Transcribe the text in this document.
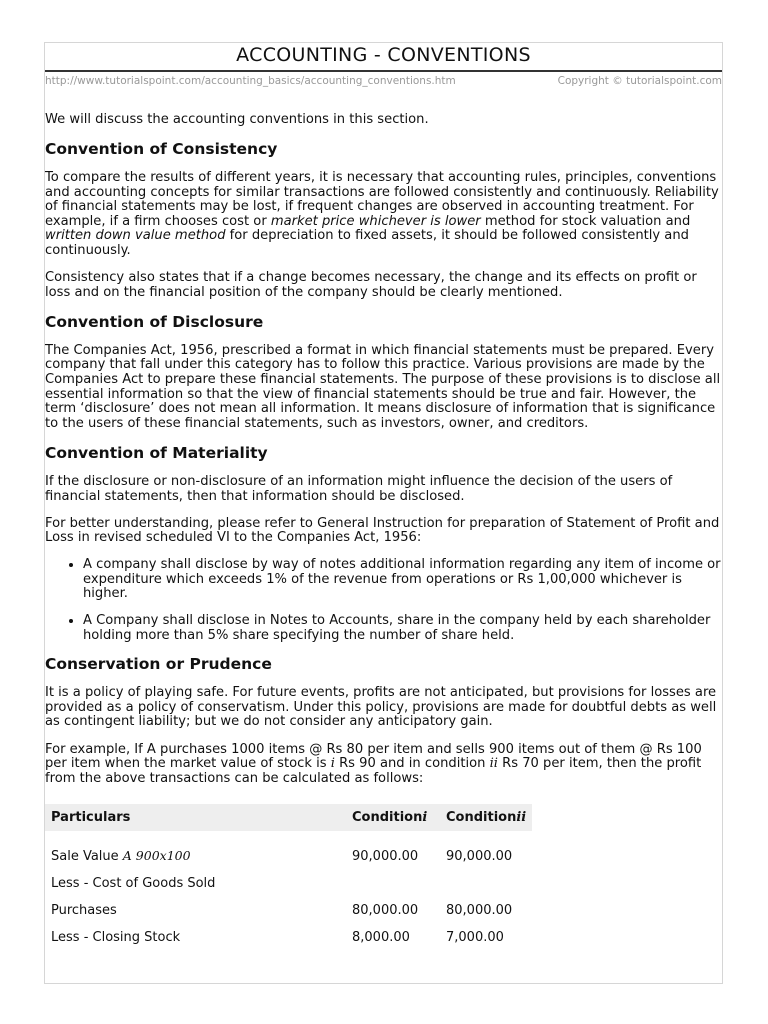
ACCOUNTING - CONVENTIONS
http://www.tutorialspoint.com/accounting_basics/accounting_conventions.htm	Copyright © tutorialspoint.com

We will discuss the accounting conventions in this section.

Convention of Consistency

To compare the results of different years, it is necessary that accounting rules, principles, conventions and accounting concepts for similar transactions are followed consistently and continuously. Reliability of financial statements may be lost, if frequent changes are observed in accounting treatment. For example, if a firm chooses cost or market price whichever is lower method for stock valuation and written down value method for depreciation to fixed assets, it should be followed consistently and continuously.

Consistency also states that if a change becomes necessary, the change and its effects on profit or loss and on the financial position of the company should be clearly mentioned.

Convention of Disclosure

The Companies Act, 1956, prescribed a format in which financial statements must be prepared. Every company that fall under this category has to follow this practice. Various provisions are made by the Companies Act to prepare these financial statements. The purpose of these provisions is to disclose all essential information so that the view of financial statements should be true and fair. However, the term ‘disclosure’ does not mean all information. It means disclosure of information that is significance to the users of these financial statements, such as investors, owner, and creditors.

Convention of Materiality

If the disclosure or non-disclosure of an information might influence the decision of the users of financial statements, then that information should be disclosed.

For better understanding, please refer to General Instruction for preparation of Statement of Profit and Loss in revised scheduled VI to the Companies Act, 1956:

• A company shall disclose by way of notes additional information regarding any item of income or expenditure which exceeds 1% of the revenue from operations or Rs 1,00,000 whichever is higher.
• A Company shall disclose in Notes to Accounts, share in the company held by each shareholder holding more than 5% share specifying the number of share held.
Conservation or Prudence

It is a policy of playing safe. For future events, profits are not anticipated, but provisions for losses are provided as a policy of conservatism. Under this policy, provisions are made for doubtful debts as well as contingent liability; but we do not consider any anticipatory gain.

For example, If A purchases 1000 items @ Rs 80 per item and sells 900 items out of them @ Rs 100 per item when the market value of stock is i Rs 90 and in condition ii Rs 70 per item, then the profit from the above transactions can be calculated as follows:

Particulars	Conditioni	Conditionii

Sale Value A 900x100	90,000.00	90,000.00
Less - Cost of Goods Sold		
Purchases	80,000.00	80,000.00
Less - Closing Stock	8,000.00	7,000.00
